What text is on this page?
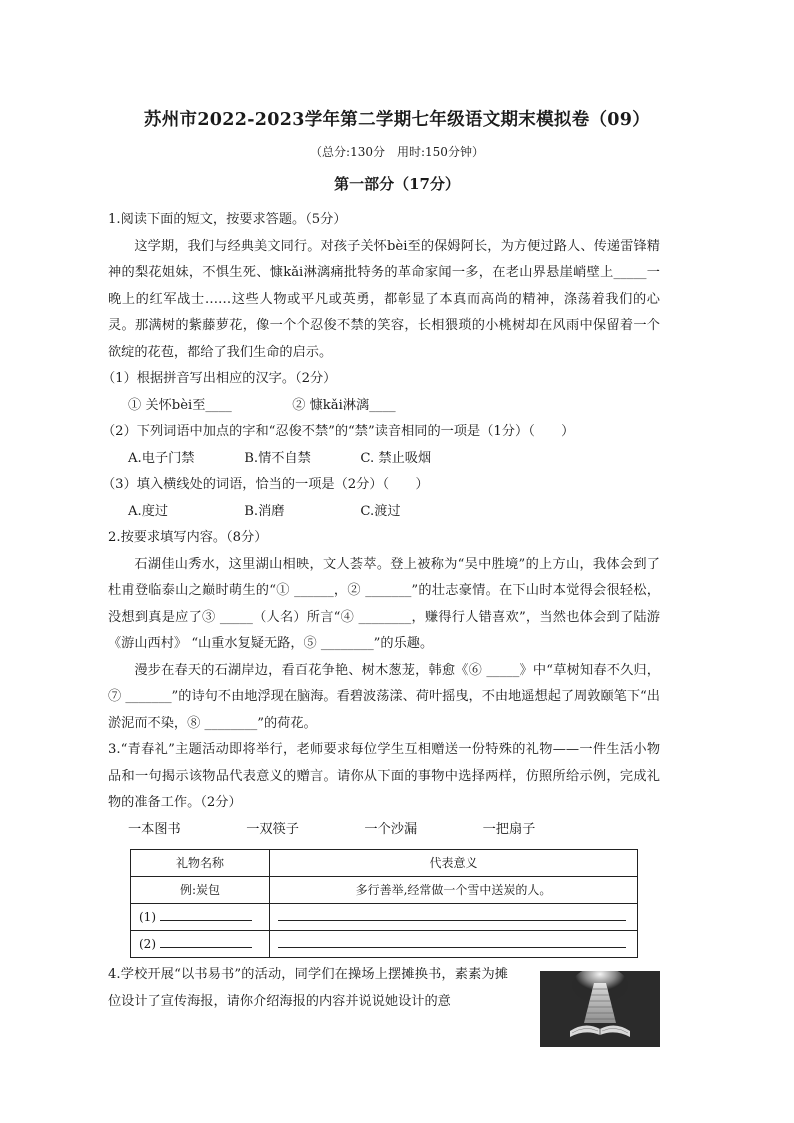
苏州市2022-2023学年第二学期七年级语文期末模拟卷（09）
（总分:130分　用时:150分钟）
第一部分（17分）

1.阅读下面的短文，按要求答题。（5分）

这学期，我们与经典美文同行。对孩子关怀bèi至的保姆阿长，为方便过路人、传递雷锋精神的梨花姐妹，不惧生死、慷kǎi淋漓痛批特务的革命家闻一多，在老山界悬崖峭壁上_____一晚上的红军战士……这些人物或平凡或英勇，都彰显了本真而高尚的精神，涤荡着我们的心灵。那满树的紫藤萝花，像一个个忍俊不禁的笑容，长相猥琐的小桃树却在风雨中保留着一个欲绽的花苞，都给了我们生命的启示。

（1）根据拼音写出相应的汉字。（2分）

① 关怀bèi至____	② 慷kǎi淋漓____

（2）下列词语中加点的字和“忍俊不禁”的“禁”读音相同的一项是（1分）（　　）

A.电子门禁	B.情不自禁	C. 禁止吸烟

（3）填入横线处的词语，恰当的一项是（2分）（　　）

A.度过	B.消磨	C.渡过

2.按要求填写内容。（8分）

石湖佳山秀水，这里湖山相映，文人荟萃。登上被称为“吴中胜境”的上方山，我体会到了杜甫登临泰山之巅时萌生的“① ______，② _______”的壮志豪情。在下山时本觉得会很轻松，没想到真是应了③ _____（人名）所言“④ ________，赚得行人错喜欢”，当然也体会到了陆游《游山西村》 “山重水复疑无路，⑤ ________”的乐趣。

漫步在春天的石湖岸边，看百花争艳、树木葱茏，韩愈《⑥ _____》中“草树知春不久归，⑦ _______”的诗句不由地浮现在脑海。看碧波荡漾、荷叶摇曳，不由地遥想起了周敦颐笔下“出淤泥而不染，⑧ ________”的荷花。

3.“青春礼”主题活动即将举行，老师要求每位学生互相赠送一份特殊的礼物——一件生活小物品和一句揭示该物品代表意义的赠言。请你从下面的事物中选择两样，仿照所给示例，完成礼物的准备工作。（2分）

一本图书	一双筷子	一个沙漏	一把扇子

礼物名称	代表意义
例:炭包	多行善举,经常做一个雪中送炭的人。
(1)	
(2)	

4.学校开展“以书易书”的活动，同学们在操场上摆摊换书，素素为摊位设计了宣传海报，请你介绍海报的内容并说说她设计的意
